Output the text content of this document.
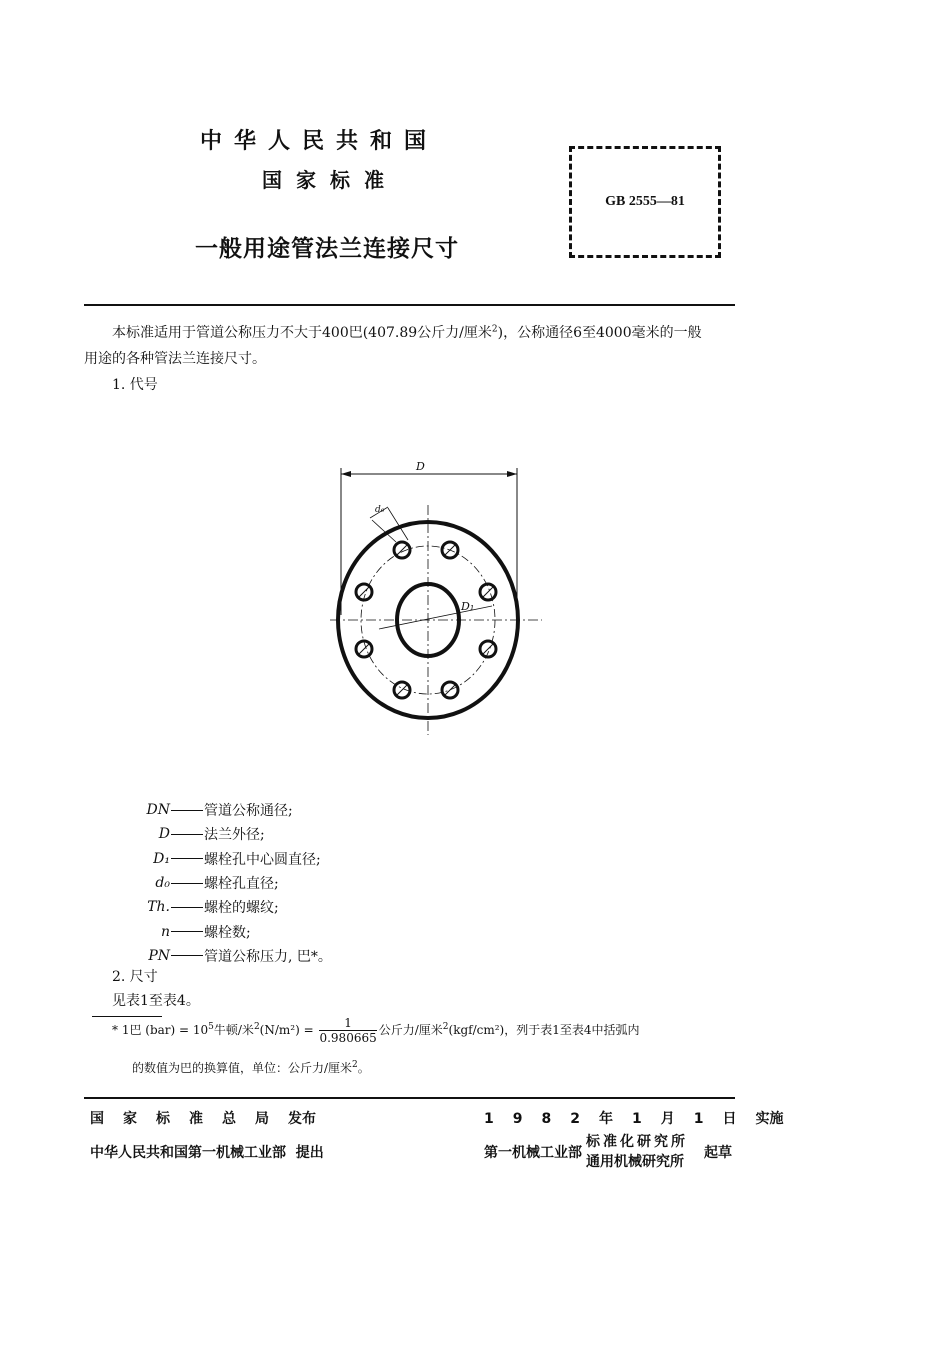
中华人民共和国
国家标准
一般用途管法兰连接尺寸
GB 2555—81
本标准适用于管道公称压力不大于400巴(407.89公斤力/厘米$^2$)，公称通径6至4000毫米的一般
用途的各种管法兰连接尺寸。
1. 代号
D
d₀
D₁
DN 管道公称通径;
D 法兰外径;
D₁ 螺栓孔中心圆直径;
d₀ 螺栓孔直径;
Th. 螺栓的螺纹;
n 螺栓数;
PN 管道公称压力, 巴*。
2. 尺寸
见表1至表4。
* 1巴 $(bar) = 10^5$牛顿/米$^2(N/m^2) = \frac{1}{0.980665}$ 公斤力/厘米$^2$(kgf/cm²)，列于表1至表4中括弧内
的数值为巴的换算值，单位：公斤力/厘米$^2$。
国家标准总局发布	1982年1月1日实施
中华人民共和国第一机械工业部 提出	第一机械工业部
标准化研究所
通用机械研究所
起草
